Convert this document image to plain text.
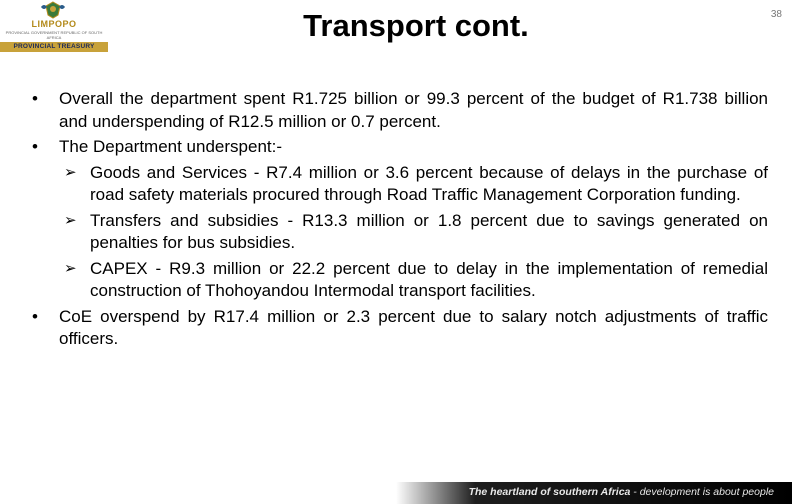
LIMPOPO
PROVINCIAL GOVERNMENT REPUBLIC OF SOUTH AFRICA
PROVINCIAL TREASURY
Transport cont.	38
• Overall the department spent R1.725 billion or 99.3 percent of the budget of R1.738 billion and underspending of R12.5 million or 0.7 percent.
• The Department underspent:-
➢ Goods and Services - R7.4 million or 3.6 percent because of delays in the purchase of road safety materials procured through Road Traffic Management Corporation funding.
➢ Transfers and subsidies - R13.3 million or 1.8 percent due to savings generated on penalties for bus subsidies.
➢ CAPEX - R9.3 million or 22.2 percent due to delay in the implementation of remedial construction of Thohoyandou Intermodal transport facilities.
• CoE overspend by R17.4 million or 2.3 percent due to salary notch adjustments of traffic officers.
The heartland of southern Africa - development is about people
